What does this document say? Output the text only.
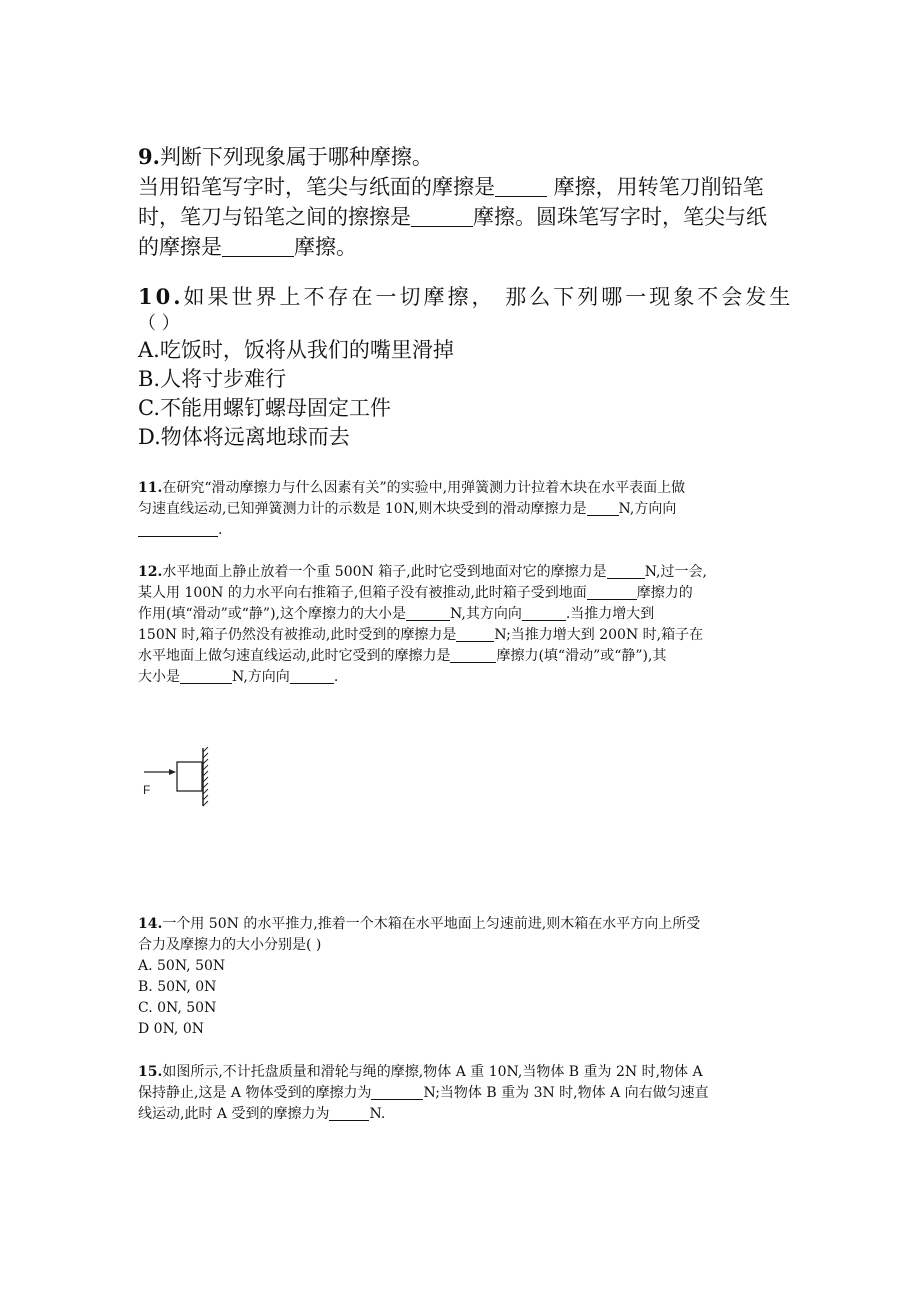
9.判断下列现象属于哪种摩擦。
当用铅笔写字时，笔尖与纸面的摩擦是 摩擦，用转笔刀削铅笔
时，笔刀与铅笔之间的擦擦是	摩擦。圆珠笔写字时，笔尖与纸
的摩擦是	摩擦。
10.如果世界上不存在一切摩擦， 那么下列哪一现象不会发生
（ ）
A.吃饭时，饭将从我们的嘴里滑掉
B.人将寸步难行
C.不能用螺钉螺母固定工件
D.物体将远离地球而去
11.在研究“滑动摩擦力与什么因素有关”的实验中,用弹簧测力计拉着木块在水平表面上做
匀速直线运动,已知弹簧测力计的示数是 10N,则木块受到的滑动摩擦力是 N,方向向
.
12.水平地面上静止放着一个重 500N 箱子,此时它受到地面对它的摩擦力是	N,过一会,
某人用 100N 的力水平向右推箱子,但箱子没有被推动,此时箱子受到地面	摩擦力的
作用(填“滑动”或“静”),这个摩擦力的大小是	N,其方向向	.当推力增大到
150N 时,箱子仍然没有被推动,此时受到的摩擦力是	N;当推力增大到 200N 时,箱子在
水平地面上做匀速直线运动,此时它受到的摩擦力是	摩擦力(填“滑动”或“静”),其
大小是	N,方向向	.
F
14.一个用 50N 的水平推力,推着一个木箱在水平地面上匀速前进,则木箱在水平方向上所受
合力及摩擦力的大小分别是( )
A. 50N, 50N
B. 50N, 0N
C. 0N, 50N
D 0N, 0N
15.如图所示,不计托盘质量和滑轮与绳的摩擦,物体 A 重 10N,当物体 B 重为 2N 时,物体 A
保持静止,这是 A 物体受到的摩擦力为	N;当物体 B 重为 3N 时,物体 A 向右做匀速直
线运动,此时 A 受到的摩擦力为	N.
